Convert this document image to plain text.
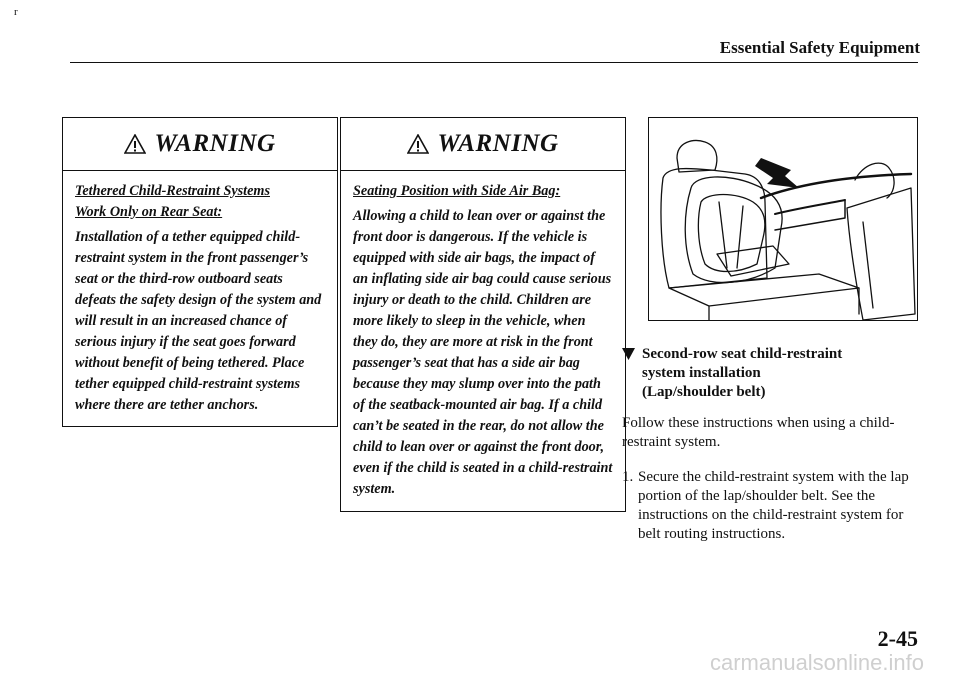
r
Essential Safety Equipment
WARNING
Tethered Child-Restraint Systems
Work Only on Rear Seat:
Installation of a tether equipped child-restraint system in the front passenger’s seat or the third-row outboard seats defeats the safety design of the system and will result in an increased chance of serious injury if the seat goes forward without benefit of being tethered. Place tether equipped child-restraint systems where there are tether anchors.
WARNING
Seating Position with Side Air Bag:
Allowing a child to lean over or against the front door is dangerous. If the vehicle is equipped with side air bags, the impact of an inflating side air bag could cause serious injury or death to the child. Children are more likely to sleep in the vehicle, when they do, they are more at risk in the front passenger’s seat that has a side air bag because they may slump over into the path of the seatback-mounted air bag. If a child can’t be seated in the rear, do not allow the child to lean over or against the front door, even if the child is seated in a child-restraint system.
Second-row seat child-restraint
system installation
(Lap/shoulder belt)
Follow these instructions when using a child-restraint system.
1. Secure the child-restraint system with the lap portion of the lap/shoulder belt. See the instructions on the child-restraint system for belt routing instructions.
2-45
carmanualsonline.info
